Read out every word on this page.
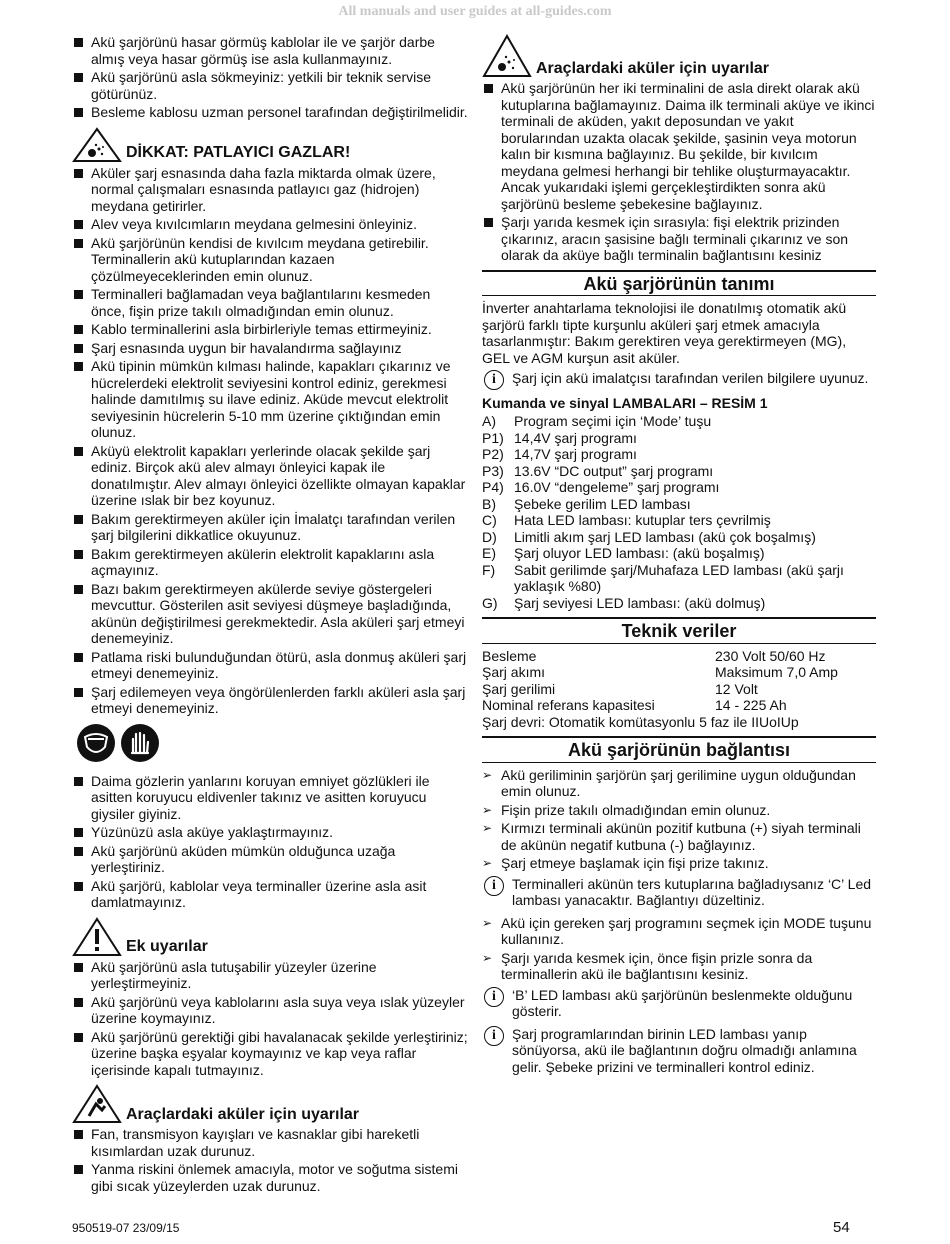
All manuals and user guides at all-guides.com
Akü şarjörünü hasar görmüş kablolar ile ve şarjör darbe almış veya hasar görmüş ise asla kullanmayınız.
Akü şarjörünü asla sökmeyiniz: yetkili bir teknik servise götürünüz.
Besleme kablosu uzman personel tarafından değiştirilmelidir.
DİKKAT: PATLAYICI GAZLAR!
Aküler şarj esnasında daha fazla miktarda olmak üzere, normal çalışmaları esnasında patlayıcı gaz (hidrojen) meydana getirirler.
Alev veya kıvılcımların meydana gelmesini önleyiniz.
Akü şarjörünün kendisi de kıvılcım meydana getirebilir. Terminallerin akü kutuplarından kazaen çözülmeyeceklerinden emin olunuz.
Terminalleri bağlamadan veya bağlantılarını kesmeden önce, fişin prize takılı olmadığından emin olunuz.
Kablo terminallerini asla birbirleriyle temas ettirmeyiniz.
Şarj esnasında uygun bir havalandırma sağlayınız
Akü tipinin mümkün kılması halinde, kapakları çıkarınız ve hücrelerdeki elektrolit seviyesini kontrol ediniz, gerekmesi halinde damıtılmış su ilave ediniz. Aküde mevcut elektrolit seviyesinin hücrelerin 5-10 mm üzerine çıktığından emin olunuz.
Aküyü elektrolit kapakları yerlerinde olacak şekilde şarj ediniz. Birçok akü alev almayı önleyici kapak ile donatılmıştır. Alev almayı önleyici özellikte olmayan kapaklar üzerine ıslak bir bez koyunuz.
Bakım gerektirmeyen aküler için İmalatçı tarafından verilen şarj bilgilerini dikkatlice okuyunuz.
Bakım gerektirmeyen akülerin elektrolit kapaklarını asla açmayınız.
Bazı bakım gerektirmeyen akülerde seviye göstergeleri mevcuttur. Gösterilen asit seviyesi düşmeye başladığında, akünün değiştirilmesi gerekmektedir. Asla aküleri şarj etmeyi denemeyiniz.
Patlama riski bulunduğundan ötürü, asla donmuş aküleri şarj etmeyi denemeyiniz.
Şarj edilemeyen veya öngörülenlerden farklı aküleri asla şarj etmeyi denemeyiniz.
Daima gözlerin yanlarını koruyan emniyet gözlükleri ile asitten koruyucu eldivenler takınız ve asitten koruyucu giysiler giyiniz.
Yüzünüzü asla aküye yaklaştırmayınız.
Akü şarjörünü aküden mümkün olduğunca uzağa yerleştiriniz.
Akü şarjörü, kablolar veya terminaller üzerine asla asit damlatmayınız.
Ek uyarılar
Akü şarjörünü asla tutuşabilir yüzeyler üzerine yerleştirmeyiniz.
Akü şarjörünü veya kablolarını asla suya veya ıslak yüzeyler üzerine koymayınız.
Akü şarjörünü gerektiği gibi havalanacak şekilde yerleştiriniz; üzerine başka eşyalar koymayınız ve kap veya raflar içerisinde kapalı tutmayınız.
Araçlardaki aküler için uyarılar
Fan, transmisyon kayışları ve kasnaklar gibi hareketli kısımlardan uzak durunuz.
Yanma riskini önlemek amacıyla, motor ve soğutma sistemi gibi sıcak yüzeylerden uzak durunuz.
Araçlardaki aküler için uyarılar
Akü şarjörünün her iki terminalini de asla direkt olarak akü kutuplarına bağlamayınız. Daima ilk terminali aküye ve ikinci terminali de aküden, yakıt deposundan ve yakıt borularından uzakta olacak şekilde, şasinin veya motorun kalın bir kısmına bağlayınız. Bu şekilde, bir kıvılcım meydana gelmesi herhangi bir tehlike oluşturmayacaktır. Ancak yukarıdaki işlemi gerçekleştirdikten sonra akü şarjörünü besleme şebekesine bağlayınız.
Şarjı yarıda kesmek için sırasıyla: fişi elektrik prizinden çıkarınız, aracın şasisine bağlı terminali çıkarınız ve son olarak da aküye bağlı terminalin bağlantısını kesiniz
Akü şarjörünün tanımı

İnverter anahtarlama teknolojisi ile donatılmış otomatik akü şarjörü farklı tipte kurşunlu aküleri şarj etmek amacıyla tasarlanmıştır: Bakım gerektiren veya gerektirmeyen (MG), GEL ve AGM kurşun asit aküler.

i	Şarj için akü imalatçısı tarafından verilen bilgilere uyunuz.
Kumanda ve sinyal LAMBALARI – RESİM 1
A)	Program seçimi için ‘Mode’ tuşu
P1) 14,4V şarj programı
P2) 14,7V şarj programı
P3) 13.6V “DC output” şarj programı
P4) 16.0V “dengeleme” şarj programı
B)	Şebeke gerilim LED lambası
C)	Hata LED lambası: kutuplar ters çevrilmiş
D)	Limitli akım şarj LED lambası (akü çok boşalmış)
E)	Şarj oluyor LED lambası: (akü boşalmış)
F)	Sabit gerilimde şarj/Muhafaza LED lambası (akü şarjı yaklaşık %80)
G)	Şarj seviyesi LED lambası: (akü dolmuş)
Teknik veriler
Besleme	230 Volt 50/60 Hz
Şarj akımı	Maksimum 7,0 Amp
Şarj gerilimi	12 Volt
Nominal referans kapasitesi	14 - 225 Ah
Şarj devri: Otomatik komütasyonlu 5 faz ile IIUoIUp
Akü şarjörünün bağlantısı
➢ Akü geriliminin şarjörün şarj gerilimine uygun olduğundan emin olunuz.
➢ Fişin prize takılı olmadığından emin olunuz.
➢ Kırmızı terminali akünün pozitif kutbuna (+) siyah terminali de akünün negatif kutbuna (-) bağlayınız.
➢ Şarj etmeye başlamak için fişi prize takınız.
i	Terminalleri akünün ters kutuplarına bağladıysanız ‘C’ Led lambası yanacaktır. Bağlantıyı düzeltiniz.
➢ Akü için gereken şarj programını seçmek için MODE tuşunu kullanınız.
➢ Şarjı yarıda kesmek için, önce fişin prizle sonra da terminallerin akü ile bağlantısını kesiniz.
i	‘B’ LED lambası akü şarjörünün beslenmekte olduğunu gösterir.
i	Şarj programlarından birinin LED lambası yanıp sönüyorsa, akü ile bağlantının doğru olmadığı anlamına gelir. Şebeke prizini ve terminalleri kontrol ediniz.
950519-07 23/09/15	54
